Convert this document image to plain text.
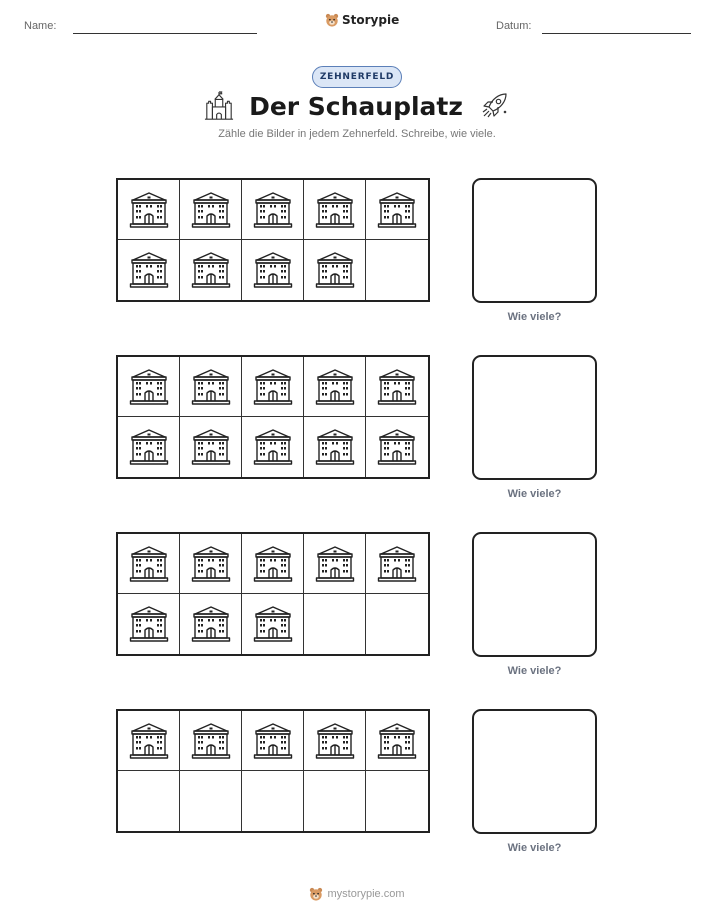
Name:	Storypie	Datum:
ZEHNERFELD
Der Schauplatz
Zähle die Bilder in jedem Zehnerfeld. Schreibe, wie viele.
Wie viele?
Wie viele?
Wie viele?
Wie viele?
mystorypie.com
